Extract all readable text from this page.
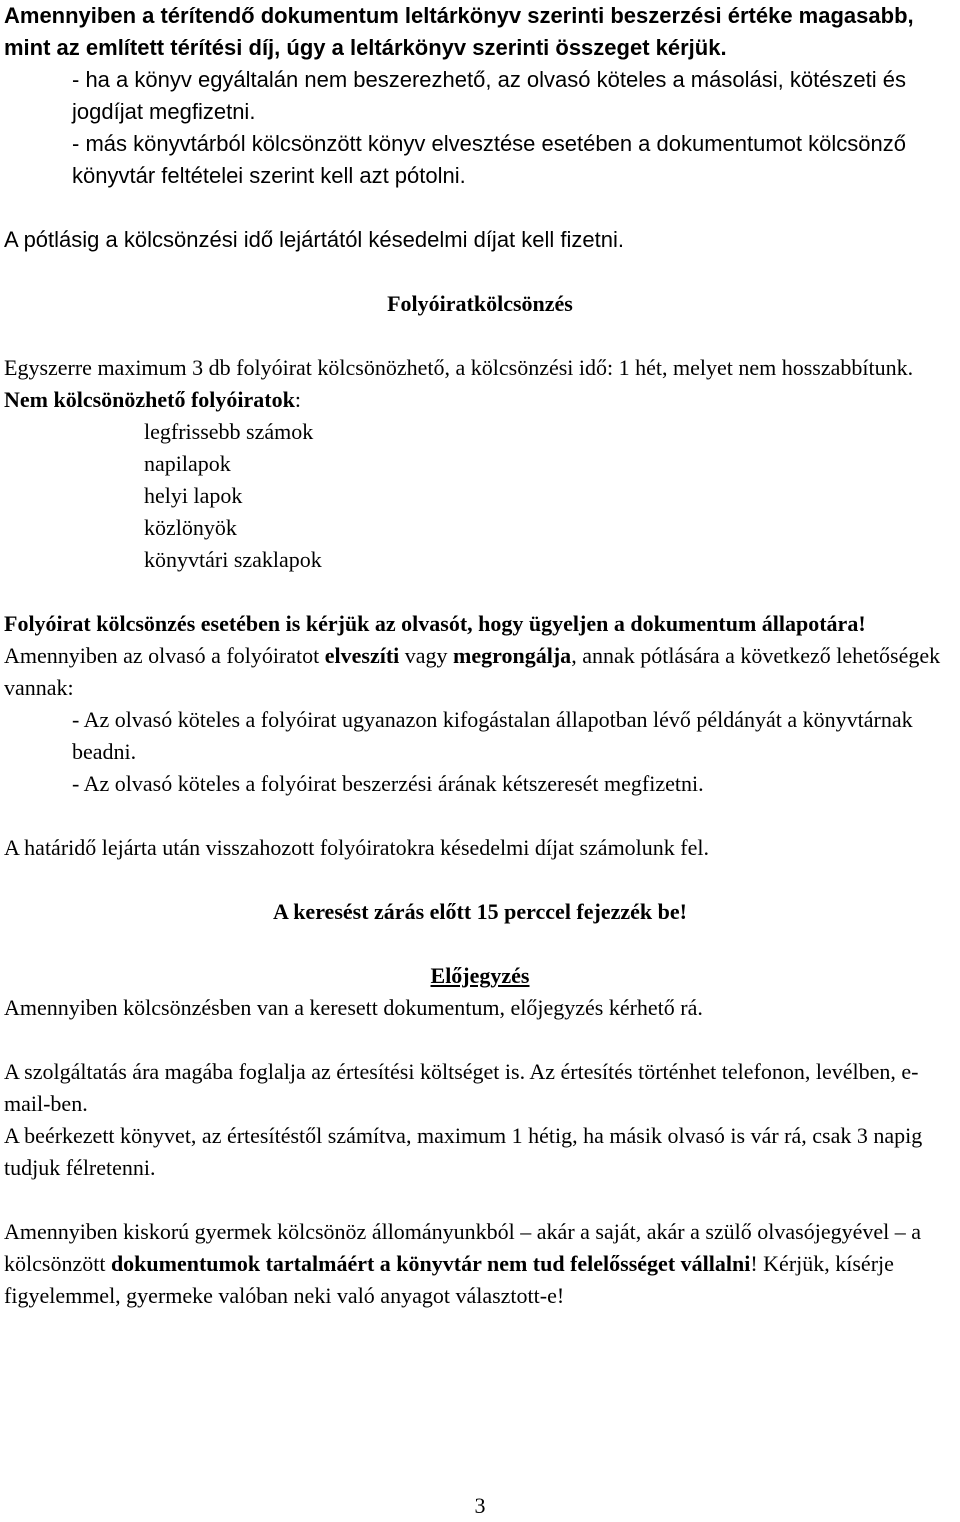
Amennyiben a térítendő dokumentum leltárkönyv szerinti beszerzési értéke magasabb, mint az említett térítési díj, úgy a leltárkönyv szerinti összeget kérjük.

- ha a könyv egyáltalán nem beszerezhető, az olvasó köteles a másolási, kötészeti és jogdíjat megfizetni.

- más könyvtárból kölcsönzött könyv elvesztése esetében a dokumentumot kölcsönző könyvtár feltételei szerint kell azt pótolni.

A pótlásig a kölcsönzési idő lejártától késedelmi díjat kell fizetni.

Folyóiratkölcsönzés

Egyszerre maximum 3 db folyóirat kölcsönözhető, a kölcsönzési idő: 1 hét, melyet nem hosszabbítunk.

Nem kölcsönözhető folyóiratok:

legfrissebb számok

napilapok

helyi lapok

közlönyök

könyvtári szaklapok

Folyóirat kölcsönzés esetében is kérjük az olvasót, hogy ügyeljen a dokumentum állapotára!

Amennyiben az olvasó a folyóiratot elveszíti vagy megrongálja, annak pótlására a következő lehetőségek vannak:

- Az olvasó köteles a folyóirat ugyanazon kifogástalan állapotban lévő példányát a könyvtárnak beadni.

- Az olvasó köteles a folyóirat beszerzési árának kétszeresét megfizetni.

A határidő lejárta után visszahozott folyóiratokra késedelmi díjat számolunk fel.

A keresést zárás előtt 15 perccel fejezzék be!

Előjegyzés

Amennyiben kölcsönzésben van a keresett dokumentum, előjegyzés kérhető rá.

A szolgáltatás ára magába foglalja az értesítési költséget is. Az értesítés történhet telefonon, levélben, e-mail-ben.

A beérkezett könyvet, az értesítéstől számítva, maximum 1 hétig, ha másik olvasó is vár rá, csak 3 napig tudjuk félretenni.

Amennyiben kiskorú gyermek kölcsönöz állományunkból – akár a saját, akár a szülő olvasójegyével – a kölcsönzött dokumentumok tartalmáért a könyvtár nem tud felelősséget vállalni! Kérjük, kísérje figyelemmel, gyermeke valóban neki való anyagot választott-e!

3
